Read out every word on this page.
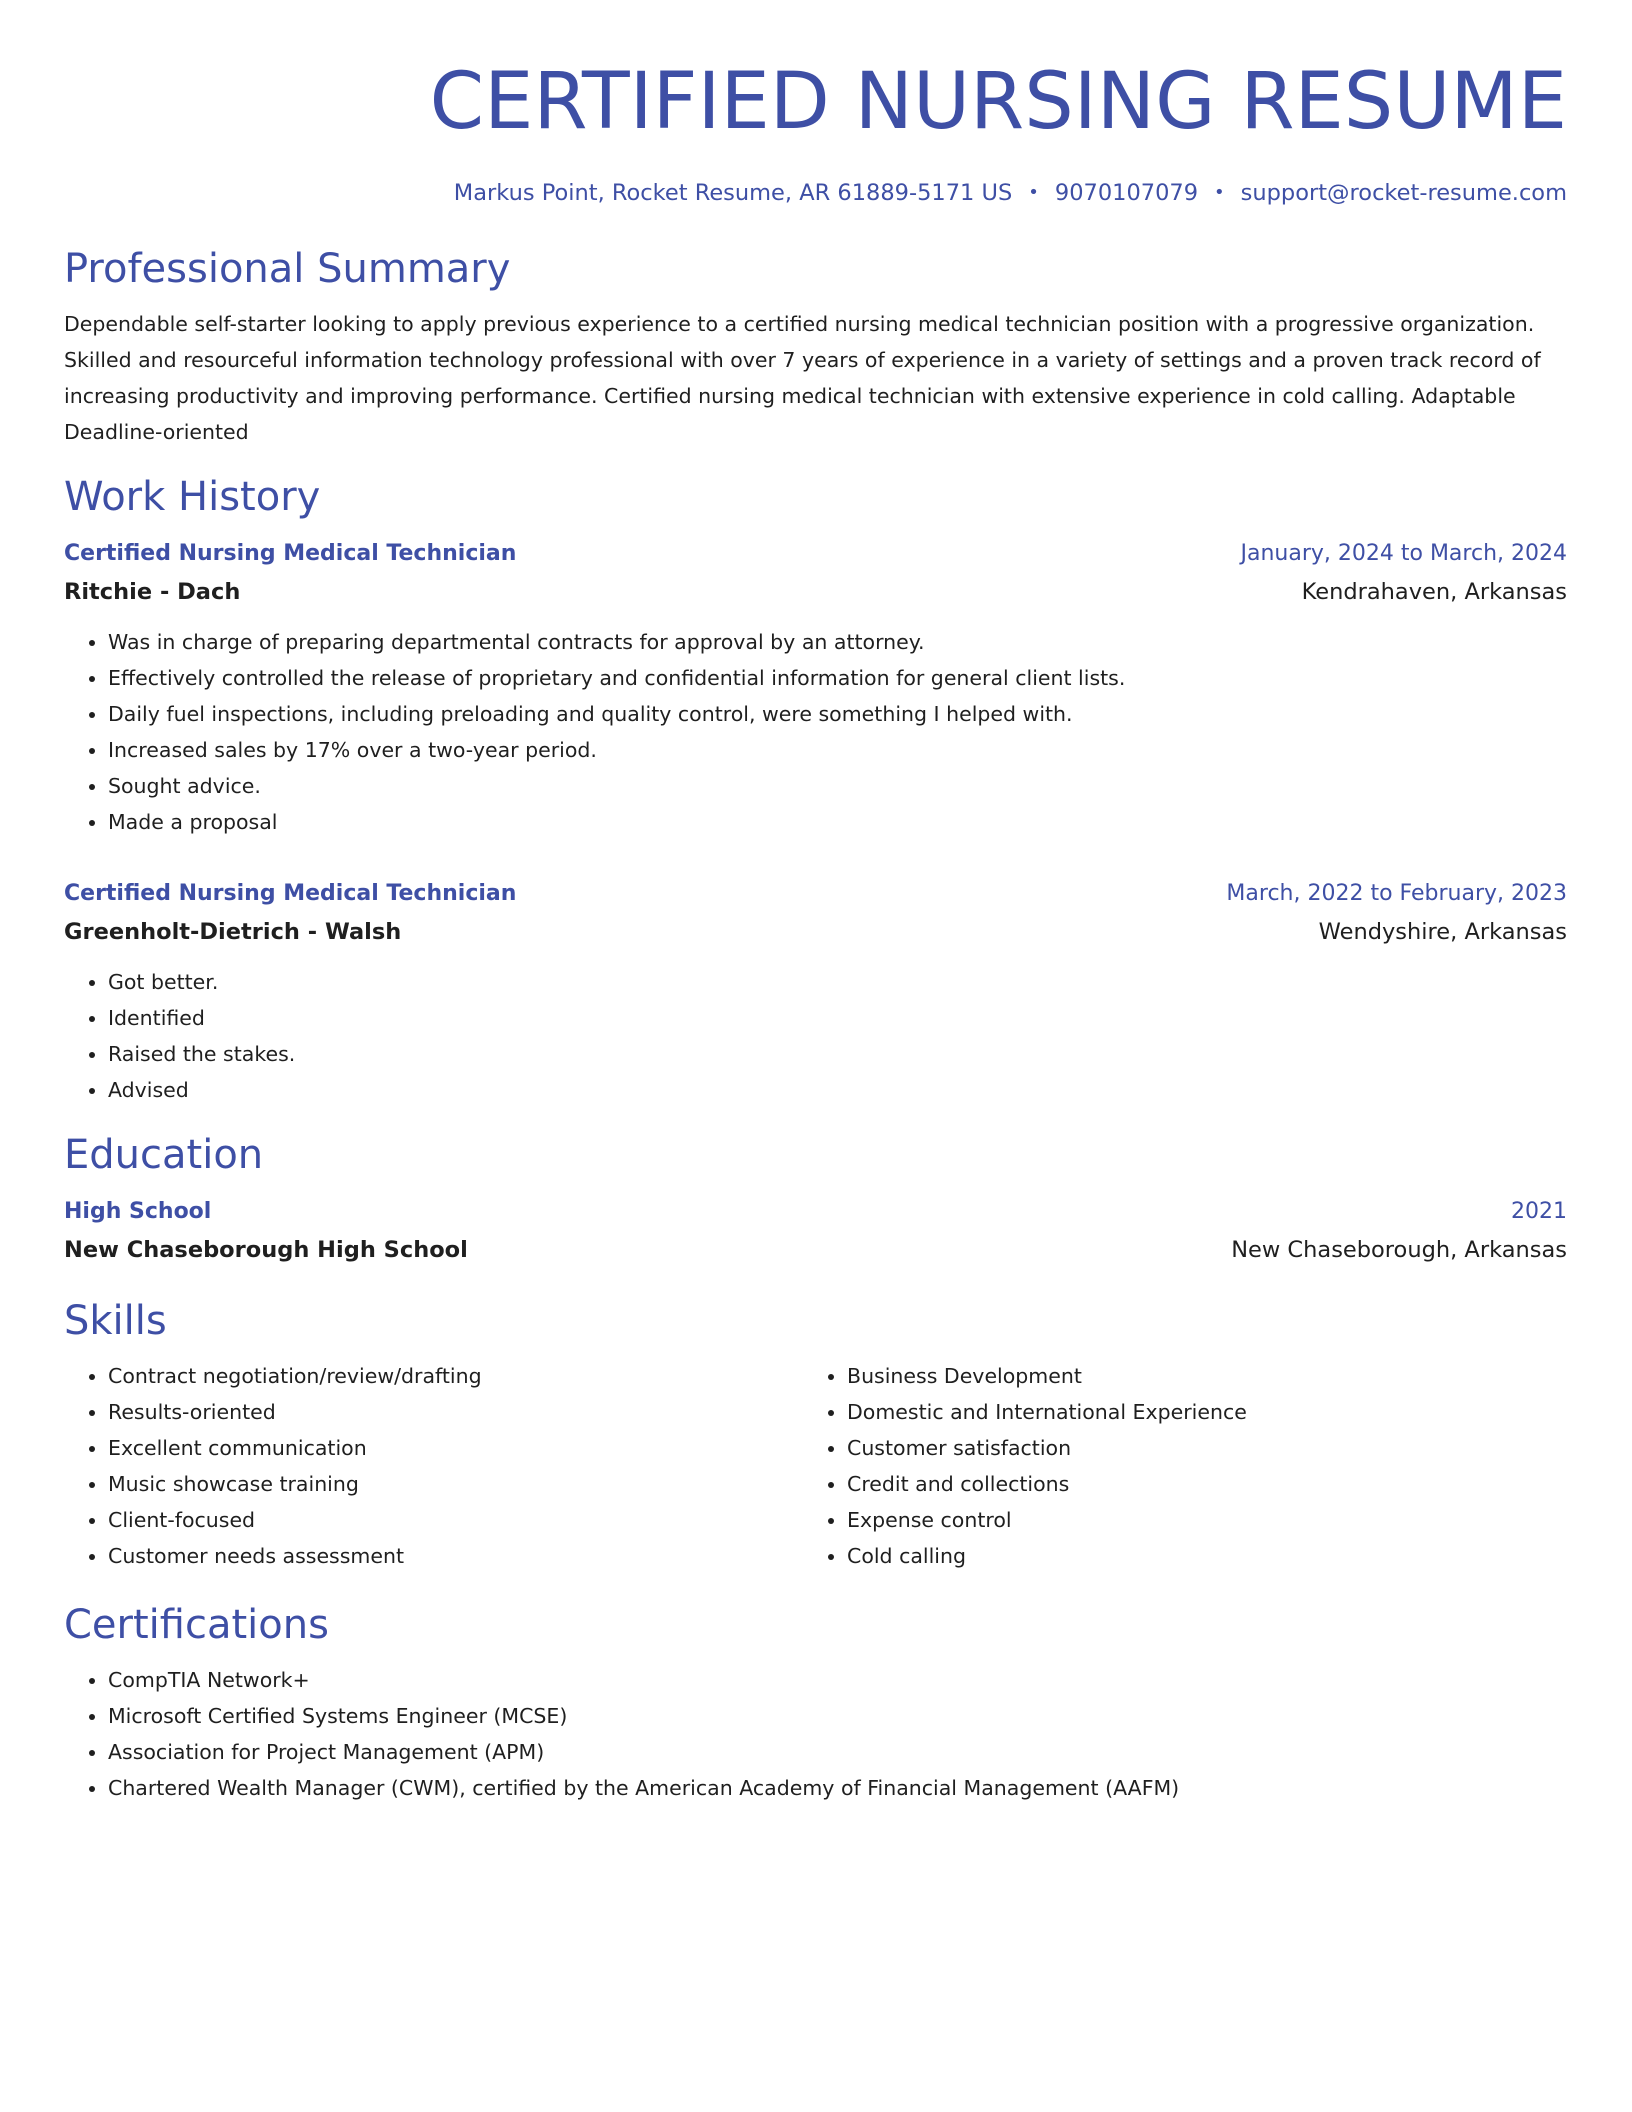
CERTIFIED NURSING RESUME
Markus Point, Rocket Resume, AR 61889-5171 US • 9070107079 • support@rocket-resume.com
Professional Summary

Dependable self-starter looking to apply previous experience to a certified nursing medical technician position with a progressive organization. Skilled and resourceful information technology professional with over 7 years of experience in a variety of settings and a proven track record of increasing productivity and improving performance. Certified nursing medical technician with extensive experience in cold calling. Adaptable Deadline-oriented

Work History
Certified Nursing Medical Technician	January, 2024 to March, 2024
Ritchie - Dach	Kendrahaven, Arkansas
• Was in charge of preparing departmental contracts for approval by an attorney.
• Effectively controlled the release of proprietary and confidential information for general client lists.
• Daily fuel inspections, including preloading and quality control, were something I helped with.
• Increased sales by 17% over a two-year period.
• Sought advice.
• Made a proposal
Certified Nursing Medical Technician	March, 2022 to February, 2023
Greenholt-Dietrich - Walsh	Wendyshire, Arkansas
• Got better.
• Identified
• Raised the stakes.
• Advised
Education
High School	2021
New Chaseborough High School	New Chaseborough, Arkansas
Skills
• Contract negotiation/review/drafting
• Results-oriented
• Excellent communication
• Music showcase training
• Client-focused
• Customer needs assessment
• Business Development
• Domestic and International Experience
• Customer satisfaction
• Credit and collections
• Expense control
• Cold calling
Certifications
• CompTIA Network+
• Microsoft Certified Systems Engineer (MCSE)
• Association for Project Management (APM)
• Chartered Wealth Manager (CWM), certified by the American Academy of Financial Management (AAFM)
